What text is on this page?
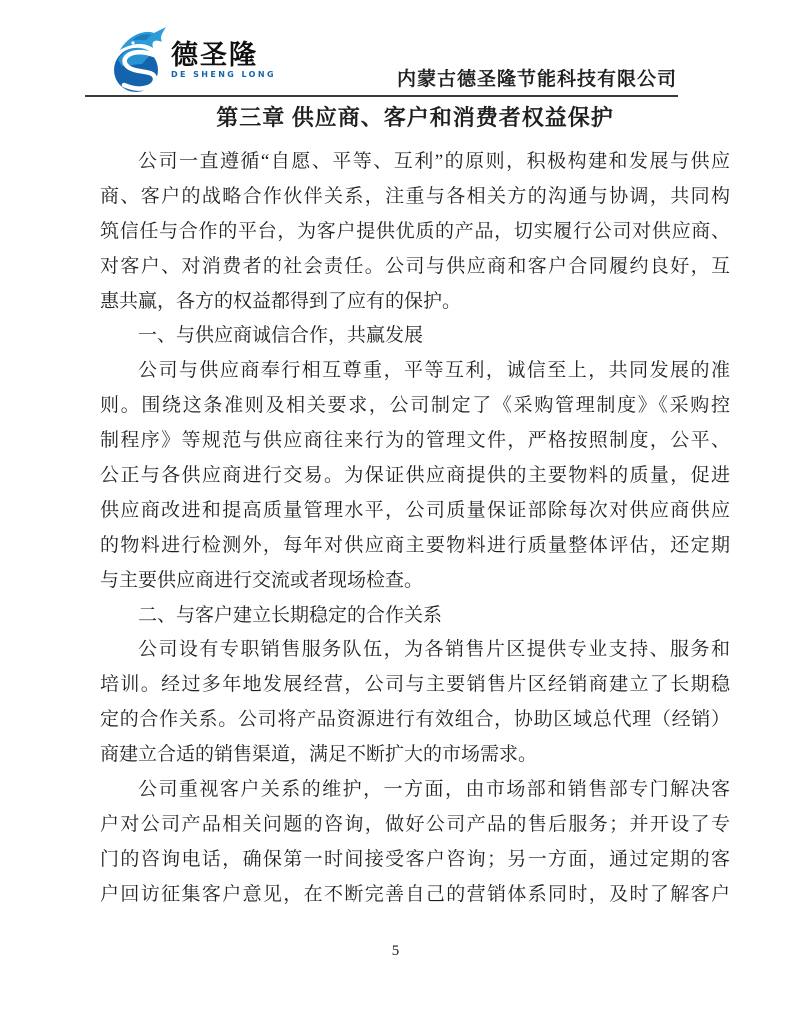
德圣隆
DE SHENG LONG	内蒙古德圣隆节能科技有限公司
第三章 供应商、客户和消费者权益保护

公司一直遵循“自愿、平等、互利”的原则，积极构建和发展与供应

商、客户的战略合作伙伴关系，注重与各相关方的沟通与协调，共同构

筑信任与合作的平台，为客户提供优质的产品，切实履行公司对供应商、

对客户、对消费者的社会责任。公司与供应商和客户合同履约良好，互

惠共赢，各方的权益都得到了应有的保护。

一、与供应商诚信合作，共赢发展

公司与供应商奉行相互尊重，平等互利，诚信至上，共同发展的准

则。围绕这条准则及相关要求，公司制定了《采购管理制度》《采购控

制程序》等规范与供应商往来行为的管理文件，严格按照制度，公平、

公正与各供应商进行交易。为保证供应商提供的主要物料的质量，促进

供应商改进和提高质量管理水平，公司质量保证部除每次对供应商供应

的物料进行检测外，每年对供应商主要物料进行质量整体评估，还定期

与主要供应商进行交流或者现场检查。

二、与客户建立长期稳定的合作关系

公司设有专职销售服务队伍，为各销售片区提供专业支持、服务和

培训。经过多年地发展经营，公司与主要销售片区经销商建立了长期稳

定的合作关系。公司将产品资源进行有效组合，协助区域总代理（经销）

商建立合适的销售渠道，满足不断扩大的市场需求。

公司重视客户关系的维护，一方面，由市场部和销售部专门解决客

户对公司产品相关问题的咨询，做好公司产品的售后服务；并开设了专

门的咨询电话，确保第一时间接受客户咨询；另一方面，通过定期的客

户回访征集客户意见，在不断完善自己的营销体系同时，及时了解客户

5
